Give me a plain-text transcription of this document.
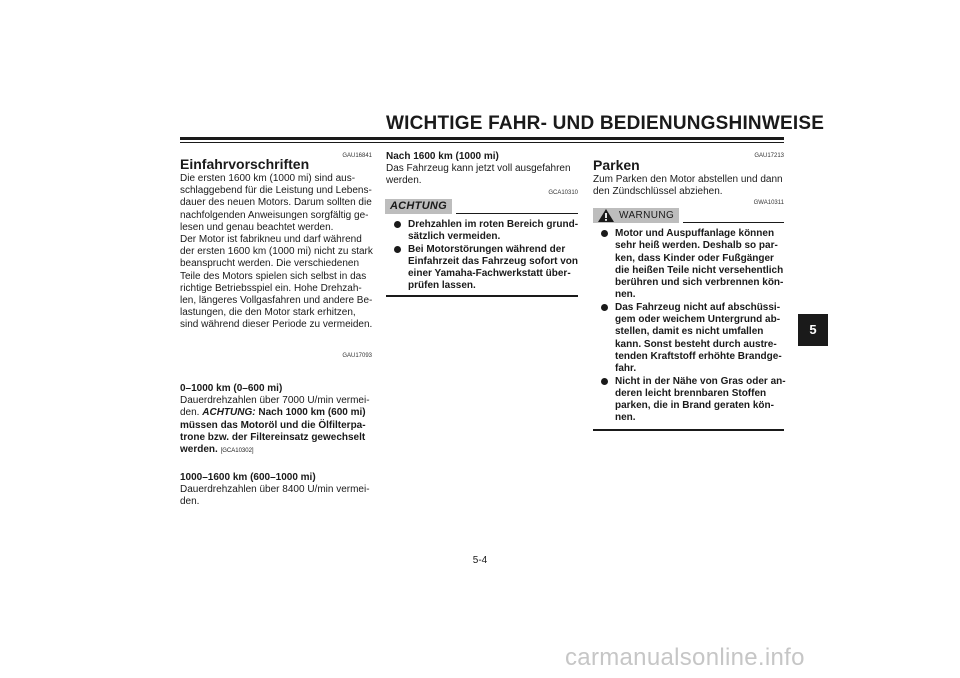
WICHTIGE FAHR- UND BEDIENUNGSHINWEISE
GAU16841
Einfahrvorschriften
Die ersten 1600 km (1000 mi) sind aus-
schlaggebend für die Leistung und Lebens-
dauer des neuen Motors. Darum sollten die
nachfolgenden Anweisungen sorgfältig ge-
lesen und genau beachtet werden.
Der Motor ist fabrikneu und darf während
der ersten 1600 km (1000 mi) nicht zu stark
beansprucht werden. Die verschiedenen
Teile des Motors spielen sich selbst in das
richtige Betriebsspiel ein. Hohe Drehzah-
len, längeres Vollgasfahren und andere Be-
lastungen, die den Motor stark erhitzen,
sind während dieser Periode zu vermeiden.
GAU17093
0–1000 km (0–600 mi)
Dauerdrehzahlen über 7000 U/min vermei-
den. ACHTUNG: Nach 1000 km (600 mi)
müssen das Motoröl und die Ölfilterpa-
trone bzw. der Filtereinsatz gewechselt
werden. [GCA10302]
1000–1600 km (600–1000 mi)
Dauerdrehzahlen über 8400 U/min vermei-
den.
Nach 1600 km (1000 mi)
Das Fahrzeug kann jetzt voll ausgefahren
werden.
GCA10310
ACHTUNG
Drehzahlen im roten Bereich grund-
sätzlich vermeiden.
Bei Motorstörungen während der
Einfahrzeit das Fahrzeug sofort von
einer Yamaha-Fachwerkstatt über-
prüfen lassen.
GAU17213
Parken
Zum Parken den Motor abstellen und dann
den Zündschlüssel abziehen.
GWA10311
WARNUNG
Motor und Auspuffanlage können
sehr heiß werden. Deshalb so par-
ken, dass Kinder oder Fußgänger
die heißen Teile nicht versehentlich
berühren und sich verbrennen kön-
nen.
Das Fahrzeug nicht auf abschüssi-
gem oder weichem Untergrund ab-
stellen, damit es nicht umfallen
kann. Sonst besteht durch austre-
tenden Kraftstoff erhöhte Brandge-
fahr.
Nicht in der Nähe von Gras oder an-
deren leicht brennbaren Stoffen
parken, die in Brand geraten kön-
nen.
5
5-4
carmanualsonline.info
